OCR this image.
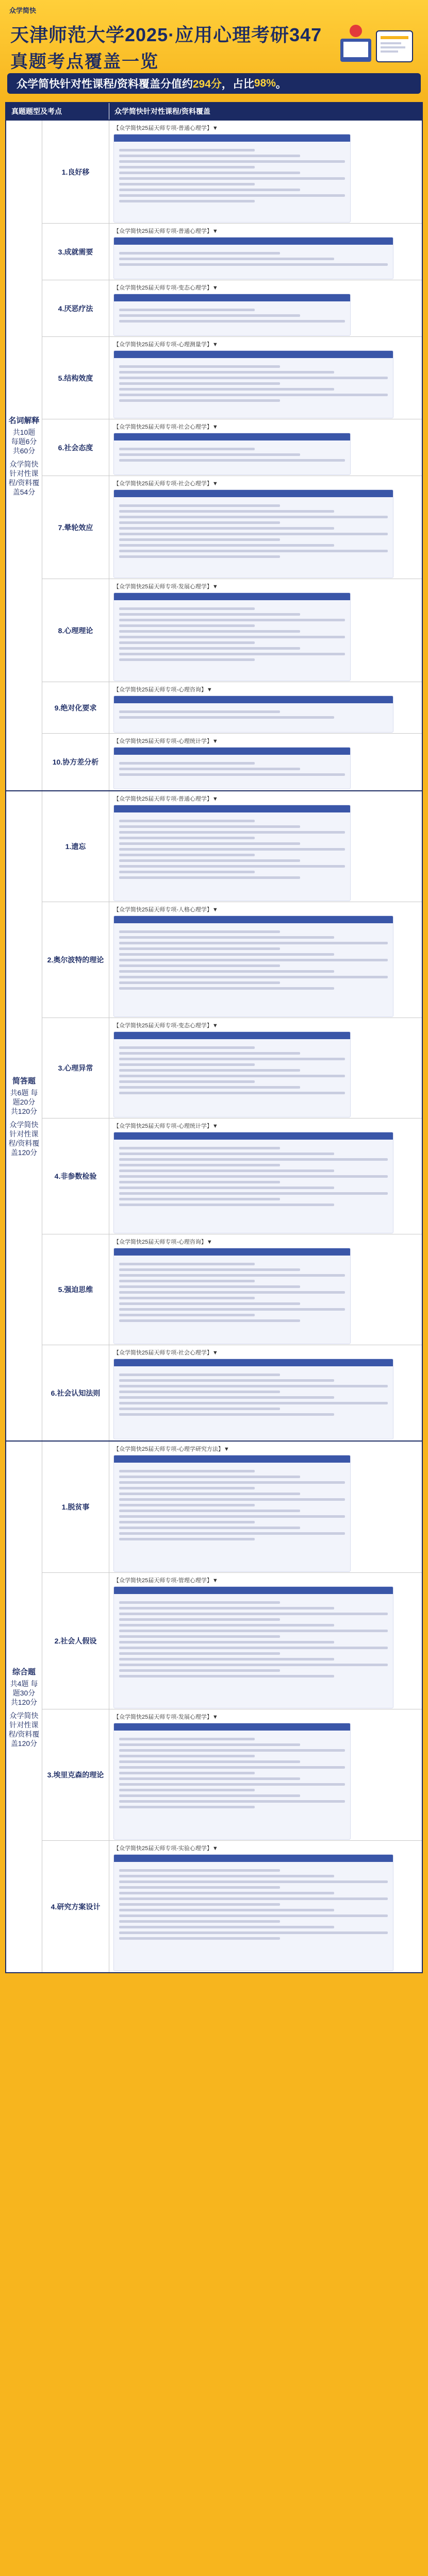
众学简快
天津师范大学2025·应用心理考研347
真题考点覆盖一览
众学简快针对性课程/资料覆盖分值约 294分 ，占比 98% 。
真题题型及考点	众学简快针对性课程/资料覆盖
名词解释
共10题 每题6分 共60分
众学简快针对性课程/资料覆盖54分
1.良好移
【众学简快25届天师专项-普通心理学】▼
3.成就需要
【众学简快25届天师专项-普通心理学】▼
4.厌恶疗法
【众学简快25届天师专项-变态心理学】▼
5.结构效度
【众学简快25届天师专项-心理测量学】▼
6.社会态度
【众学简快25届天师专项-社会心理学】▼
7.晕轮效应
【众学简快25届天师专项-社会心理学】▼
8.心理理论
【众学简快25届天师专项-发展心理学】▼
9.绝对化要求
【众学简快25届天师专项-心理咨询】▼
10.协方差分析
【众学简快25届天师专项-心理统计学】▼
简答题
共6题 每题20分 共120分
众学简快针对性课程/资料覆盖120分
1.遗忘
【众学简快25届天师专项-普通心理学】▼
2.奥尔波特的理论
【众学简快25届天师专项-人格心理学】▼
3.心理异常
【众学简快25届天师专项-变态心理学】▼
4.非参数检验
【众学简快25届天师专项-心理统计学】▼
5.强迫思维
【众学简快25届天师专项-心理咨询】▼
6.社会认知法则
【众学简快25届天师专项-社会心理学】▼
综合题
共4题 每题30分 共120分
众学简快针对性课程/资料覆盖120分
1.脱贫事
【众学简快25届天师专项-心理学研究方法】▼
2.社会人假设
【众学简快25届天师专项-管理心理学】▼
3.埃里克森的理论
【众学简快25届天师专项-发展心理学】▼
4.研究方案设计
【众学简快25届天师专项-实验心理学】▼
